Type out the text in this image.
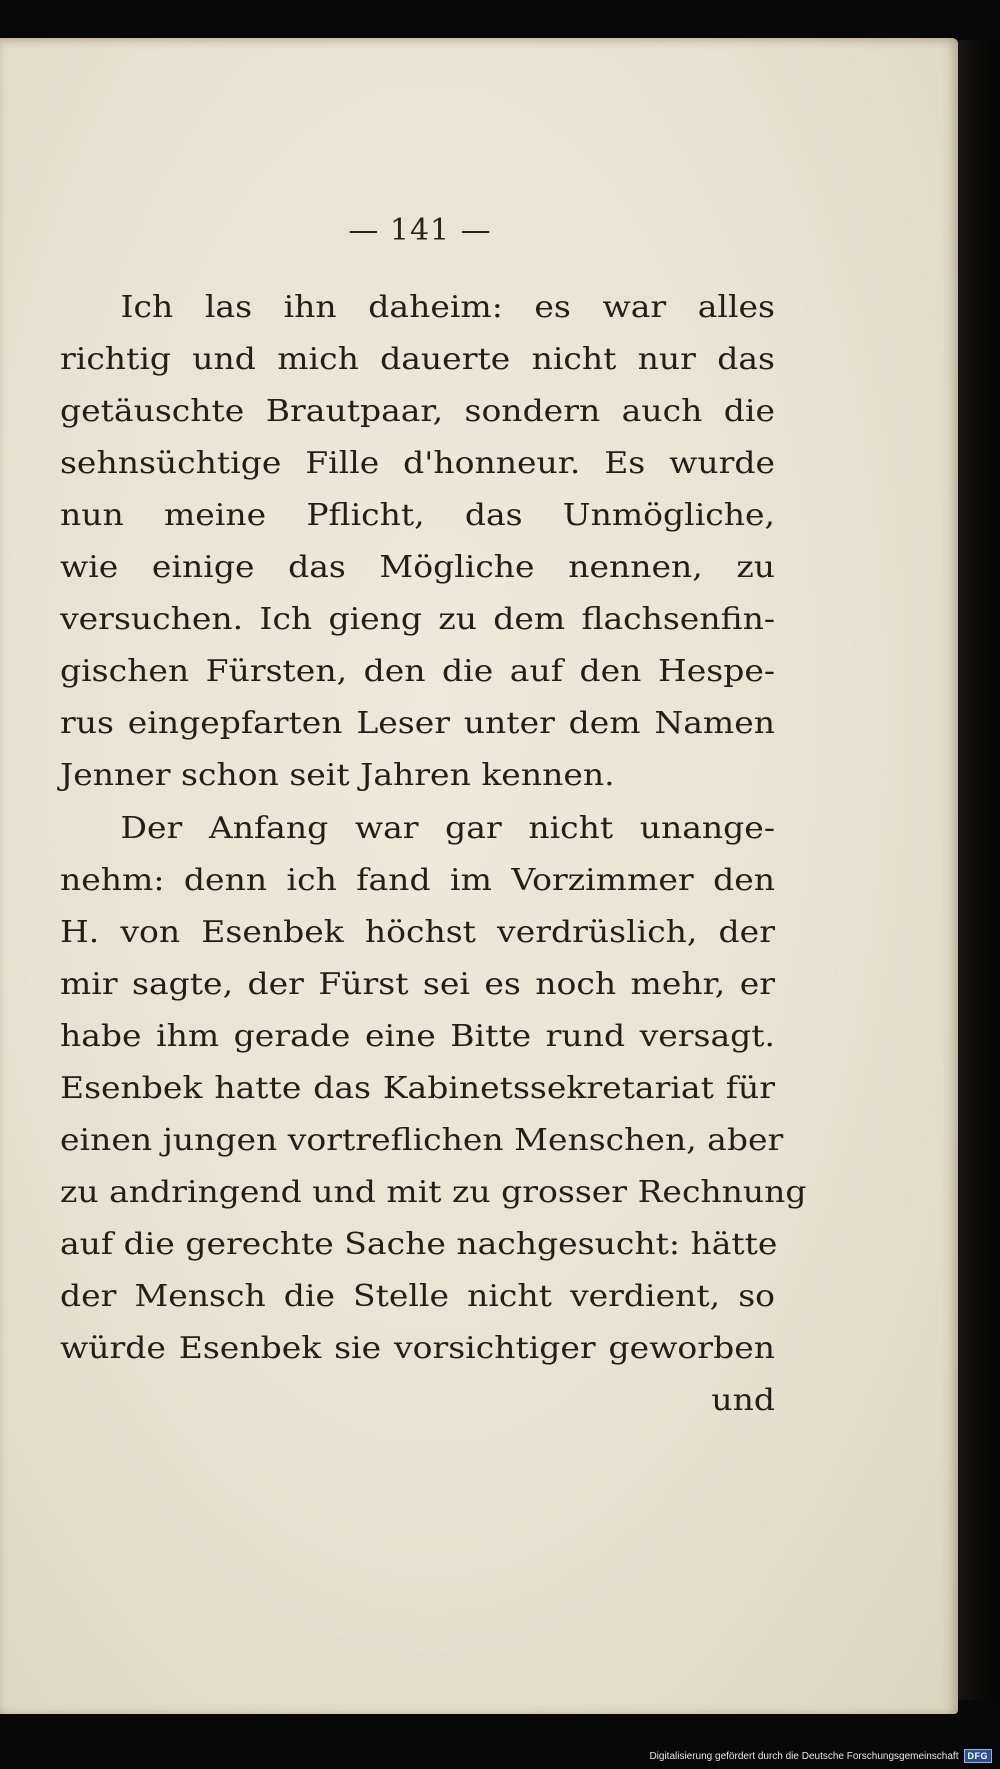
— 141 —
Ich las ihn daheim: es war alles
richtig und mich dauerte nicht nur das
getäuschte Brautpaar, sondern auch die
sehnsüchtige Fille d'honneur. Es wurde
nun meine Pflicht, das Unmögliche,
wie einige das Mögliche nennen, zu
versuchen. Ich gieng zu dem flachsenfin-
gischen Fürsten, den die auf den Hespe-
rus eingepfarten Leser unter dem Namen
Jenner schon seit Jahren kennen.
Der Anfang war gar nicht unange-
nehm: denn ich fand im Vorzimmer den
H. von Esenbek höchst verdrüslich, der
mir sagte, der Fürst sei es noch mehr, er
habe ihm gerade eine Bitte rund versagt.
Esenbek hatte das Kabinetssekretariat für
einen jungen vortreflichen Menschen, aber
zu andringend und mit zu grosser Rechnung
auf die gerechte Sache nachgesucht: hätte
der Mensch die Stelle nicht verdient, so
würde Esenbek sie vorsichtiger geworben
und
Digitalisierung gefördert durch die Deutsche Forschungsgemeinschaft	DFG
